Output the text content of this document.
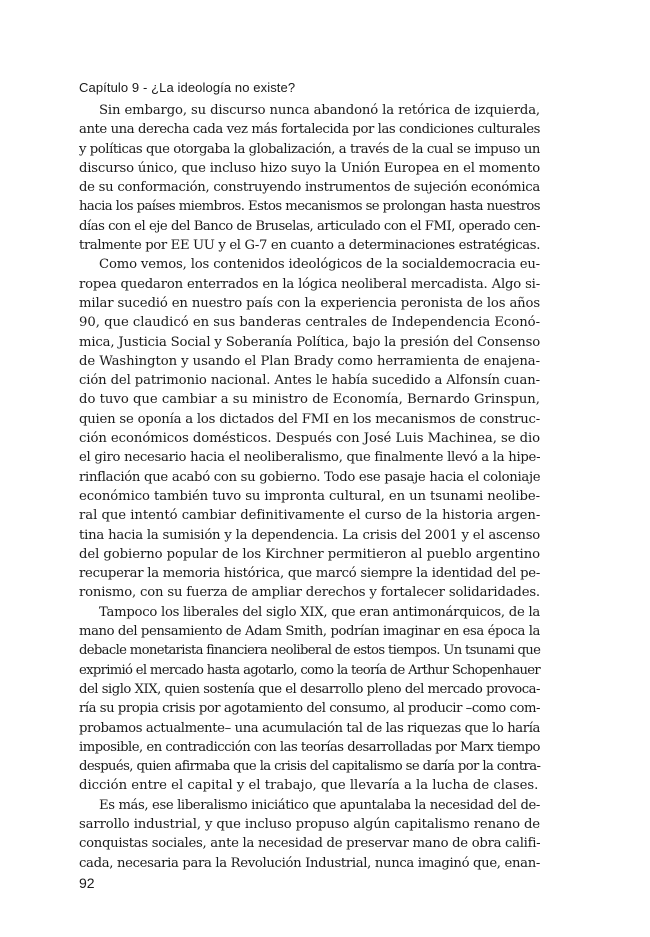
Capítulo 9 - ¿La ideología no existe?
Sin embargo, su discurso nunca abandonó la retórica de izquierda,
ante una derecha cada vez más fortalecida por las condiciones culturales
y políticas que otorgaba la globalización, a través de la cual se impuso un
discurso único, que incluso hizo suyo la Unión Europea en el momento
de su conformación, construyendo instrumentos de sujeción económica
hacia los países miembros. Estos mecanismos se prolongan hasta nuestros
días con el eje del Banco de Bruselas, articulado con el FMI, operado cen-
tralmente por EE UU y el G-7 en cuanto a determinaciones estratégicas.
Como vemos, los contenidos ideológicos de la socialdemocracia eu-
ropea quedaron enterrados en la lógica neoliberal mercadista. Algo si-
milar sucedió en nuestro país con la experiencia peronista de los años
90, que claudicó en sus banderas centrales de Independencia Econó-
mica, Justicia Social y Soberanía Política, bajo la presión del Consenso
de Washington y usando el Plan Brady como herramienta de enajena-
ción del patrimonio nacional. Antes le había sucedido a Alfonsín cuan-
do tuvo que cambiar a su ministro de Economía, Bernardo Grinspun,
quien se oponía a los dictados del FMI en los mecanismos de construc-
ción económicos domésticos. Después con José Luis Machinea, se dio
el giro necesario hacia el neoliberalismo, que finalmente llevó a la hipe-
rinflación que acabó con su gobierno. Todo ese pasaje hacia el coloniaje
económico también tuvo su impronta cultural, en un tsunami neolibe-
ral que intentó cambiar definitivamente el curso de la historia argen-
tina hacia la sumisión y la dependencia. La crisis del 2001 y el ascenso
del gobierno popular de los Kirchner permitieron al pueblo argentino
recuperar la memoria histórica, que marcó siempre la identidad del pe-
ronismo, con su fuerza de ampliar derechos y fortalecer solidaridades.
Tampoco los liberales del siglo XIX, que eran antimonárquicos, de la
mano del pensamiento de Adam Smith, podrían imaginar en esa época la
debacle monetarista financiera neoliberal de estos tiempos. Un tsunami que
exprimió el mercado hasta agotarlo, como la teoría de Arthur Schopenhauer
del siglo XIX, quien sostenía que el desarrollo pleno del mercado provoca-
ría su propia crisis por agotamiento del consumo, al producir –como com-
probamos actualmente– una acumulación tal de las riquezas que lo haría
imposible, en contradicción con las teorías desarrolladas por Marx tiempo
después, quien afirmaba que la crisis del capitalismo se daría por la contra-
dicción entre el capital y el trabajo, que llevaría a la lucha de clases.
Es más, ese liberalismo iniciático que apuntalaba la necesidad del de-
sarrollo industrial, y que incluso propuso algún capitalismo renano de
conquistas sociales, ante la necesidad de preservar mano de obra califi-
cada, necesaria para la Revolución Industrial, nunca imaginó que, enan-
92
